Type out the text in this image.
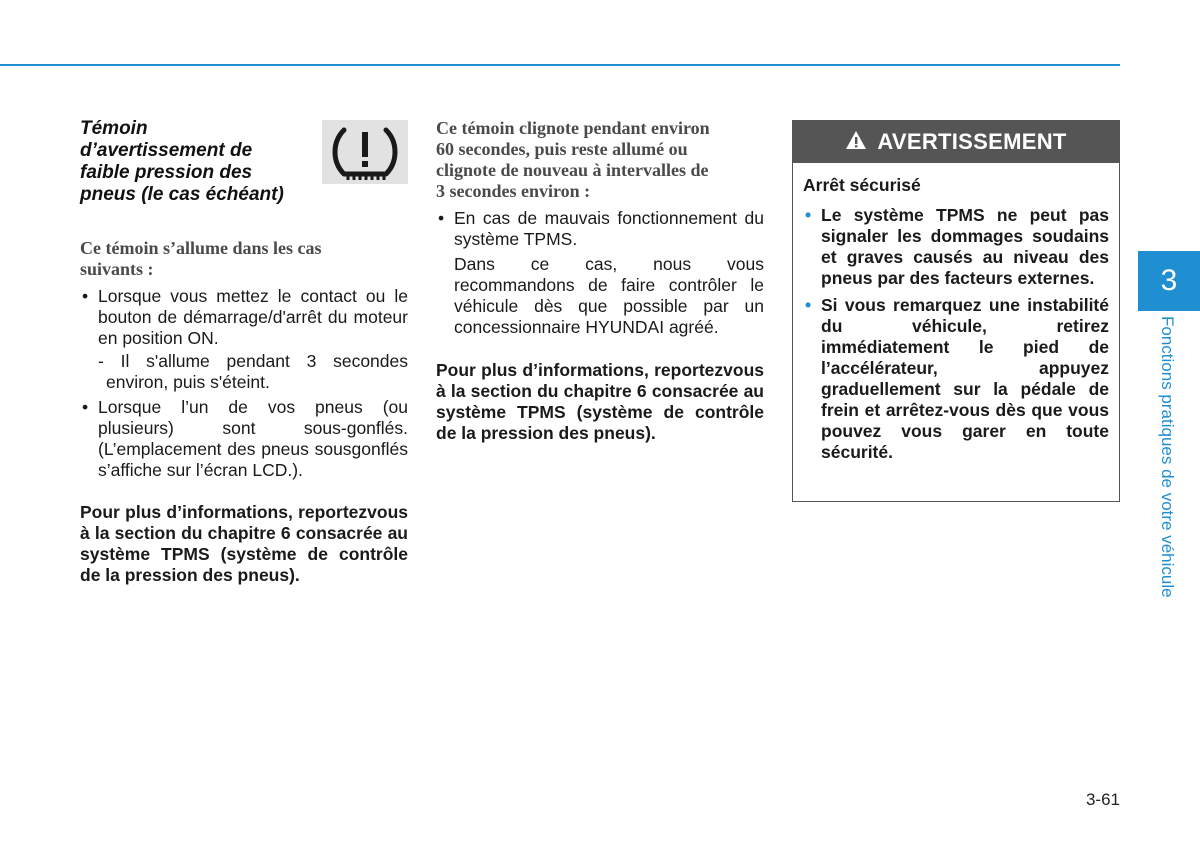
Témoin
d’avertissement de
faible pression des
pneus (le cas échéant)

Ce témoin s’allume dans les cas
suivants :

• Lorsque vous mettez le contact ou le bouton de démarrage/d'arrêt du moteur en position ON.
- Il s'allume pendant 3 secondes environ, puis s'éteint.
• Lorsque l’un de vos pneus (ou plusieurs) sont sous-gonflés. (L’emplacement des pneus sousgonflés s’affiche sur l’écran LCD.).

Pour plus d’informations, reportezvous à la section du chapitre 6 consacrée au système TPMS (système de contrôle de la pression des pneus).

Ce témoin clignote pendant environ
60 secondes, puis reste allumé ou
clignote de nouveau à intervalles de
3 secondes environ :

• En cas de mauvais fonctionnement du système TPMS.
Dans ce cas, nous vous recommandons de faire contrôler le véhicule dès que possible par un concessionnaire HYUNDAI agréé.

Pour plus d’informations, reportezvous à la section du chapitre 6 consacrée au système TPMS (système de contrôle de la pression des pneus).

AVERTISSEMENT

Arrêt sécurisé

• Le système TPMS ne peut pas signaler les dommages soudains et graves causés au niveau des pneus par des facteurs externes.
• Si vous remarquez une instabilité du véhicule, retirez immédiatement le pied de l’accélérateur, appuyez graduellement sur la pédale de frein et arrêtez-vous dès que vous pouvez vous garer en toute sécurité.
3
Fonctions pratiques de votre véhicule
3-61
